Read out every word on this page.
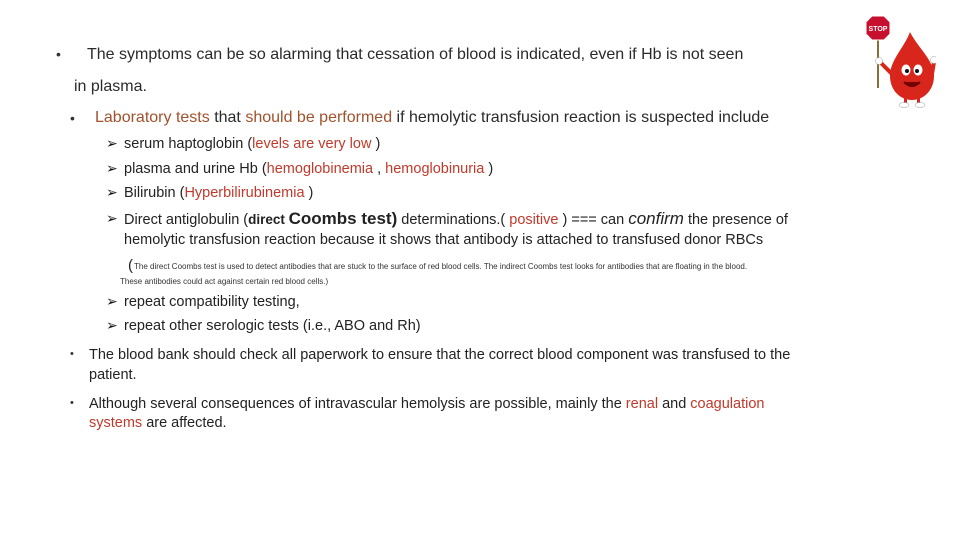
STOP
• The symptoms can be so alarming that cessation of blood is indicated, even if Hb is not seen
in plasma.
• Laboratory tests that should be performed if hemolytic transfusion reaction is suspected include
➢ serum haptoglobin (levels are very low )
➢ plasma and urine Hb (hemoglobinemia , hemoglobinuria )
➢ Bilirubin (Hyperbilirubinemia )
➢ Direct antiglobulin (direct Coombs test) determinations.( positive ) === can confirm the presence of
hemolytic transfusion reaction because it shows that antibody is attached to transfused donor RBCs
( The direct Coombs test is used to detect antibodies that are stuck to the surface of red blood cells. The indirect Coombs test looks for antibodies that are floating in the blood.
These antibodies could act against certain red blood cells.)
➢ repeat compatibility testing,
➢ repeat other serologic tests (i.e., ABO and Rh)
• The blood bank should check all paperwork to ensure that the correct blood component was transfused to the
patient.
• Although several consequences of intravascular hemolysis are possible, mainly the renal and coagulation
systems are affected.
